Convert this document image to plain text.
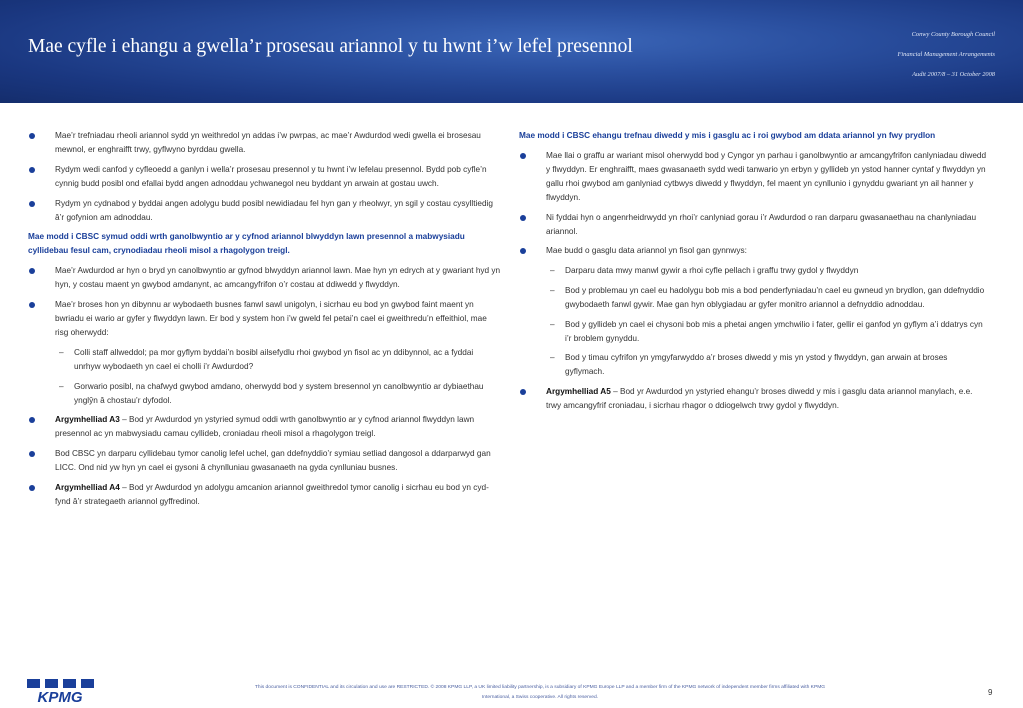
Mae cyfle i ehangu a gwella’r prosesau ariannol y tu hwnt i’w lefel presennol
Conwy County Borough Council
Financial Management Arrangements
Audit 2007/8 – 31 October 2008
Mae’r trefniadau rheoli ariannol sydd yn weithredol yn addas i’w pwrpas, ac mae’r Awdurdod wedi gwella ei brosesau mewnol, er enghraifft trwy, gyflwyno byrddau gwella.
Rydym wedi canfod y cyfleoedd a ganlyn i wella’r prosesau presennol y tu hwnt i’w lefelau presennol. Bydd pob cyfle’n cynnig budd posibl ond efallai bydd angen adnoddau ychwanegol neu byddant yn arwain at gostau uwch.
Rydym yn cydnabod y byddai angen adolygu budd posibl newidiadau fel hyn gan y rheolwyr, yn sgil y costau cysylltiedig â’r gofynion am adnoddau.
Mae modd i CBSC symud oddi wrth ganolbwyntio ar y cyfnod ariannol blwyddyn lawn presennol a mabwysiadu cyllidebau fesul cam, crynodiadau rheoli misol a rhagolygon treigl.
Mae’r Awdurdod ar hyn o bryd yn canolbwyntio ar gyfnod blwyddyn ariannol lawn. Mae hyn yn edrych at y gwariant hyd yn hyn, y costau maent yn gwybod amdanynt, ac amcangyfrifon o’r costau at ddiwedd y flwyddyn.
Mae’r broses hon yn dibynnu ar wybodaeth busnes fanwl sawl unigolyn, i sicrhau eu bod yn gwybod faint maent yn bwriadu ei wario ar gyfer y flwyddyn lawn. Er bod y system hon i’w gweld fel petai’n cael ei gweithredu’n effeithiol, mae risg oherwydd:
– Colli staff allweddol; pa mor gyflym byddai’n bosibl ailsefydlu rhoi gwybod yn fisol ac yn ddibynnol, ac a fyddai unrhyw wybodaeth yn cael ei cholli i’r Awdurdod?
– Gorwario posibl, na chafwyd gwybod amdano, oherwydd bod y system bresennol yn canolbwyntio ar dybiaethau ynglŷn â chostau’r dyfodol.
Argymhelliad A3 – Bod yr Awdurdod yn ystyried symud oddi wrth ganolbwyntio ar y cyfnod ariannol flwyddyn lawn presennol ac yn mabwysiadu camau cyllideb, croniadau rheoli misol a rhagolygon treigl.
Bod CBSC yn darparu cyllidebau tymor canolig lefel uchel, gan ddefnyddio’r symiau setliad dangosol a ddarparwyd gan LICC. Ond nid yw hyn yn cael ei gysoni â chynlluniau gwasanaeth na gyda cynlluniau busnes.
Argymhelliad A4 – Bod yr Awdurdod yn adolygu amcanion ariannol gweithredol tymor canolig i sicrhau eu bod yn cyd-fynd â’r strategaeth ariannol gyffredinol.
Mae modd i CBSC ehangu trefnau diwedd y mis i gasglu ac i roi gwybod am ddata ariannol yn fwy prydlon
Mae llai o graffu ar wariant misol oherwydd bod y Cyngor yn parhau i ganolbwyntio ar amcangyfrifon canlyniadau diwedd y flwyddyn. Er enghraifft, maes gwasanaeth sydd wedi tanwario yn erbyn y gyllideb yn ystod hanner cyntaf y flwyddyn yn gallu rhoi gwybod am ganlyniad cytbwys diwedd y flwyddyn, fel maent yn cynllunio i gynyddu gwariant yn ail hanner y flwyddyn.
Ni fyddai hyn o angenrheidrwydd yn rhoi’r canlyniad gorau i’r Awdurdod o ran darparu gwasanaethau na chanlyniadau ariannol.
Mae budd o gasglu data ariannol yn fisol gan gynnwys:
– Darparu data mwy manwl gywir a rhoi cyfle pellach i graffu trwy gydol y flwyddyn
– Bod y problemau yn cael eu hadolygu bob mis a bod penderfyniadau’n cael eu gwneud yn brydlon, gan ddefnyddio gwybodaeth fanwl gywir. Mae gan hyn oblygiadau ar gyfer monitro ariannol a defnyddio adnoddau.
– Bod y gyllideb yn cael ei chysoni bob mis a phetai angen ymchwilio i fater, gellir ei ganfod yn gyflym a’i ddatrys cyn i’r broblem gynyddu.
– Bod y timau cyfrifon yn ymgyfarwyddo a’r broses diwedd y mis yn ystod y flwyddyn, gan arwain at broses gyflymach.
Argymhelliad A5 – Bod yr Awdurdod yn ystyried ehangu’r broses diwedd y mis i gasglu data ariannol manylach, e.e. trwy amcangyfrif croniadau, i sicrhau rhagor o ddiogelwch trwy gydol y flwyddyn.
KPMG
This document is CONFIDENTIAL and its circulation and use are RESTRICTED. © 2008 KPMG LLP, a UK limited liability partnership, is a subsidiary of KPMG Europe LLP and a member firm of the KPMG network of independent member firms affiliated with KPMG
International, a Swiss cooperative. All rights reserved.
9
